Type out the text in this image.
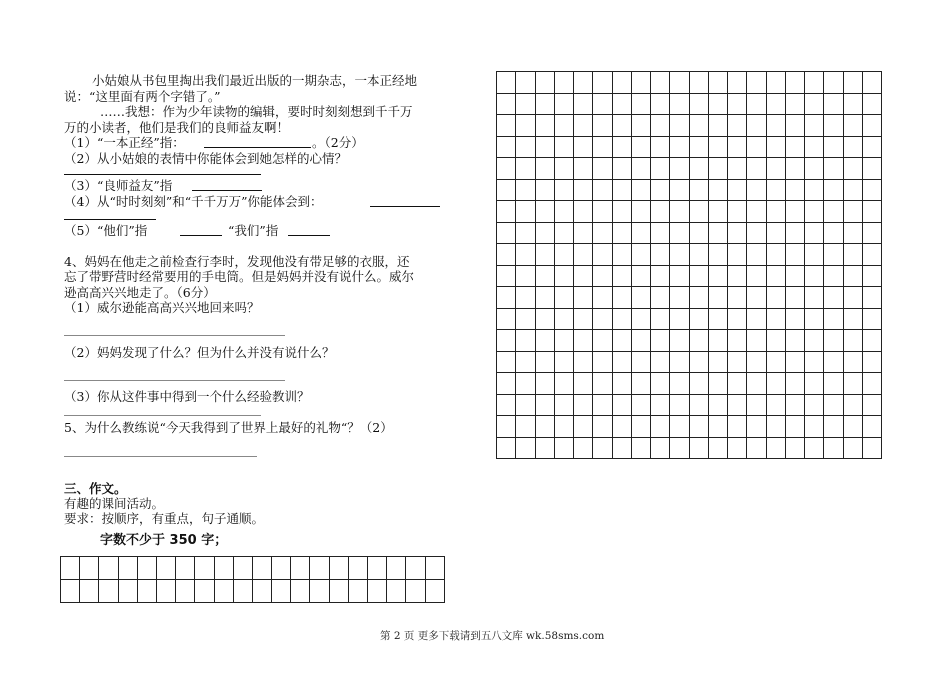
小姑娘从书包里掏出我们最近出版的一期杂志，一本正经地
说：“这里面有两个字错了。”
……我想：作为少年读物的编辑，要时时刻刻想到千千万
万的小读者，他们是我们的良师益友啊！
（1）“一本正经”指：	。（2分）
（2）从小姑娘的表情中你能体会到她怎样的心情？
（3）“良师益友”指
（4）从“时时刻刻”和“千千万万”你能体会到：
（5）“他们”指	“我们”指
4、妈妈在他走之前检查行李时，发现他没有带足够的衣服，还
忘了带野营时经常要用的手电筒。但是妈妈并没有说什么。威尔
逊高高兴兴地走了。（6分）
（1）威尔逊能高高兴兴地回来吗？
（2）妈妈发现了什么？但为什么并没有说什么？
（3）你从这件事中得到一个什么经验教训？
5、为什么教练说“今天我得到了世界上最好的礼物“？（2）
三、作文。
有趣的课间活动。
要求：按顺序，有重点，句子通顺。
字数不少于 350 字；

第 2 页 更多下载请到五八文库 wk.58sms.com
